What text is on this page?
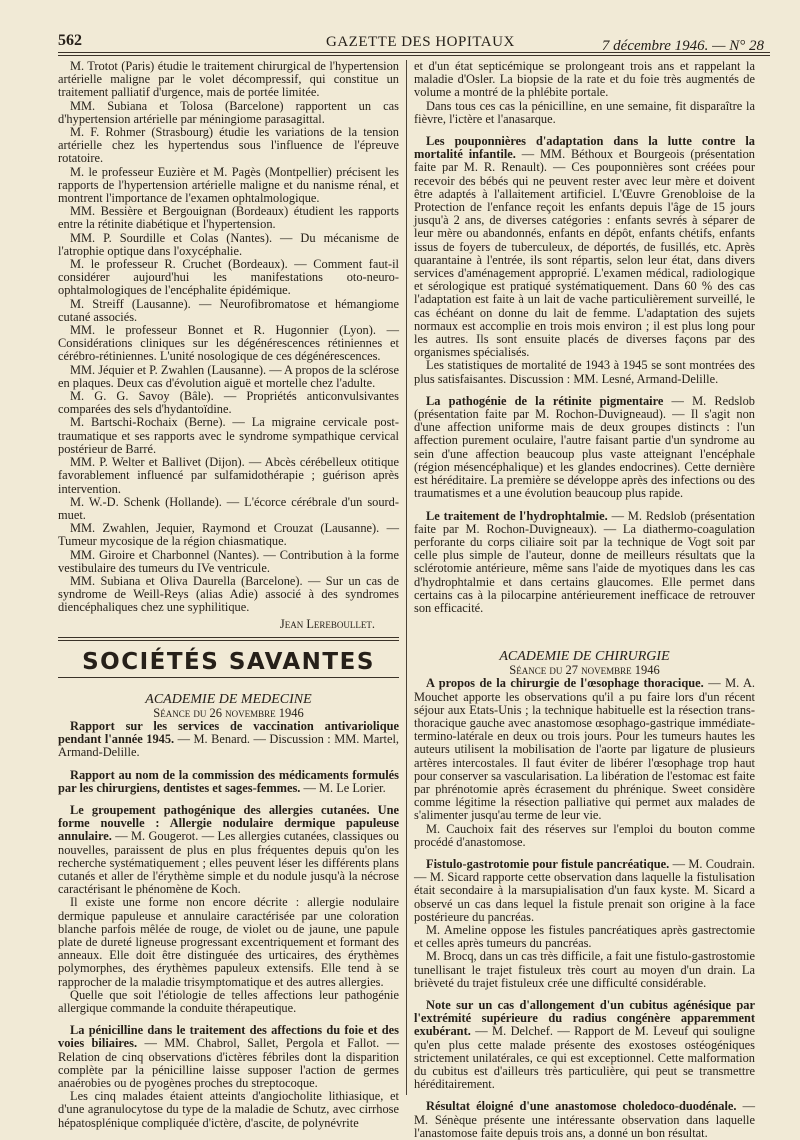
562	GAZETTE DES HOPITAUX	7 décembre 1946. — N° 28

M. Trotot (Paris) étudie le traitement chirurgical de l'hypertension artérielle maligne par le volet décompressif, qui constitue un traitement palliatif d'urgence, mais de portée limitée.

MM. Subiana et Tolosa (Barcelone) rapportent un cas d'hypertension artérielle par méningiome parasagittal.

M. F. Rohmer (Strasbourg) étudie les variations de la tension artérielle chez les hypertendus sous l'influence de l'épreuve rotatoire.

M. le professeur Euzière et M. Pagès (Montpellier) précisent les rapports de l'hypertension artérielle maligne et du nanisme rénal, et montrent l'importance de l'examen ophtalmologique.

MM. Bessière et Bergouignan (Bordeaux) étudient les rapports entre la rétinite diabétique et l'hypertension.

MM. P. Sourdille et Colas (Nantes). — Du mécanisme de l'atrophie optique dans l'oxycéphalie.

M. le professeur R. Cruchet (Bordeaux). — Comment faut-il considérer aujourd'hui les manifestations oto-neuro-ophtalmologiques de l'encéphalite épidémique.

M. Streiff (Lausanne). — Neurofibromatose et hémangiome cutané associés.

MM. le professeur Bonnet et R. Hugonnier (Lyon). — Considérations cliniques sur les dégénérescences rétiniennes et cérébro-rétiniennes. L'unité nosologique de ces dégénérescences.

MM. Jéquier et P. Zwahlen (Lausanne). — A propos de la sclérose en plaques. Deux cas d'évolution aiguë et mortelle chez l'adulte.

M. G. G. Savoy (Bâle). — Propriétés anticonvulsivantes comparées des sels d'hydantoïdine.

M. Bartschi-Rochaix (Berne). — La migraine cervicale post-traumatique et ses rapports avec le syndrome sympathique cervical postérieur de Barré.

MM. P. Welter et Ballivet (Dijon). — Abcès cérébelleux otitique favorablement influencé par sulfamidothérapie ; guérison après intervention.

M. W.-D. Schenk (Hollande). — L'écorce cérébrale d'un sourd-muet.

MM. Zwahlen, Jequier, Raymond et Crouzat (Lausanne). — Tumeur mycosique de la région chiasmatique.

MM. Giroire et Charbonnel (Nantes). — Contribution à la forme vestibulaire des tumeurs du IVe ventricule.

MM. Subiana et Oliva Daurella (Barcelone). — Sur un cas de syndrome de Weill-Reys (alias Adie) associé à des syndromes diencéphaliques chez une syphilitique.

Jean Lereboullet.

SOCIÉTÉS SAVANTES

ACADEMIE DE MEDECINE

Séance du 26 novembre 1946

Rapport sur les services de vaccination antivariolique pendant l'année 1945. — M. Benard. — Discussion : MM. Martel, Armand-Delille.

Rapport au nom de la commission des médicaments formulés par les chirurgiens, dentistes et sages-femmes. — M. Le Lorier.

Le groupement pathogénique des allergies cutanées. Une forme nouvelle : Allergie nodulaire dermique papuleuse annulaire. — M. Gougerot. — Les allergies cutanées, classiques ou nouvelles, paraissent de plus en plus fréquentes depuis qu'on les recherche systématiquement ; elles peuvent léser les différents plans cutanés et aller de l'érythème simple et du nodule jusqu'à la nécrose caractérisant le phénomène de Koch.

Il existe une forme non encore décrite : allergie nodulaire dermique papuleuse et annulaire caractérisée par une coloration blanche parfois mêlée de rouge, de violet ou de jaune, une papule plate de dureté ligneuse progressant excentriquement et formant des anneaux. Elle doit être distinguée des urticaires, des érythèmes polymorphes, des érythèmes papuleux extensifs. Elle tend à se rapprocher de la maladie trisymptomatique et des autres allergies.

Quelle que soit l'étiologie de telles affections leur pathogénie allergique commande la conduite thérapeutique.

La pénicilline dans le traitement des affections du foie et des voies biliaires. — MM. Chabrol, Sallet, Pergola et Fallot. — Relation de cinq observations d'ictères fébriles dont la disparition complète par la pénicilline laisse supposer l'action de germes anaérobies ou de pyogènes proches du streptocoque.

Les cinq malades étaient atteints d'angiocholite lithiasique, et d'une agranulocytose du type de la maladie de Schutz, avec cirrhose hépatosplénique compliquée d'ictère, d'ascite, de polynévrite

et d'un état septicémique se prolongeant trois ans et rappelant la maladie d'Osler. La biopsie de la rate et du foie très augmentés de volume a montré de la phlébite portale.

Dans tous ces cas la pénicilline, en une semaine, fit disparaître la fièvre, l'ictère et l'anasarque.

Les pouponnières d'adaptation dans la lutte contre la mortalité infantile. — MM. Béthoux et Bourgeois (présentation faite par M. R. Renault). — Ces pouponnières sont créées pour recevoir des bébés qui ne peuvent rester avec leur mère et doivent être adaptés à l'allaitement artificiel. L'Œuvre Grenobloise de la Protection de l'enfance reçoit les enfants depuis l'âge de 15 jours jusqu'à 2 ans, de diverses catégories : enfants sevrés à séparer de leur mère ou abandonnés, enfants en dépôt, enfants chétifs, enfants issus de foyers de tuberculeux, de déportés, de fusillés, etc. Après quarantaine à l'entrée, ils sont répartis, selon leur état, dans divers services d'aménagement approprié. L'examen médical, radiologique et sérologique est pratiqué systématiquement. Dans 60 % des cas l'adaptation est faite à un lait de vache particulièrement surveillé, le cas échéant on donne du lait de femme. L'adaptation des sujets normaux est accomplie en trois mois environ ; il est plus long pour les autres. Ils sont ensuite placés de diverses façons par des organismes spécialisés.

Les statistiques de mortalité de 1943 à 1945 se sont montrées des plus satisfaisantes. Discussion : MM. Lesné, Armand-Delille.

La pathogénie de la rétinite pigmentaire — M. Redslob (présentation faite par M. Rochon-Duvigneaud). — Il s'agit non d'une affection uniforme mais de deux groupes distincts : l'un affection purement oculaire, l'autre faisant partie d'un syndrome au sein d'une affection beaucoup plus vaste atteignant l'encéphale (région mésencéphalique) et les glandes endocrines). Cette dernière est héréditaire. La première se développe après des infections ou des traumatismes et a une évolution beaucoup plus rapide.

Le traitement de l'hydrophtalmie. — M. Redslob (présentation faite par M. Rochon-Duvigneaux). — La diathermo-coagulation perforante du corps ciliaire soit par la technique de Vogt soit par celle plus simple de l'auteur, donne de meilleurs résultats que la sclérotomie antérieure, même sans l'aide de myotiques dans les cas d'hydrophtalmie et dans certains glaucomes. Elle permet dans certains cas à la pilocarpine antérieurement inefficace de retrouver son efficacité.

ACADEMIE DE CHIRURGIE

Séance du 27 novembre 1946

A propos de la chirurgie de l'œsophage thoracique. — M. A. Mouchet apporte les observations qu'il a pu faire lors d'un récent séjour aux Etats-Unis ; la technique habituelle est la résection trans-thoracique gauche avec anastomose œsophago-gastrique immédiate-termino-latérale en deux ou trois jours. Pour les tumeurs hautes les auteurs utilisent la mobilisation de l'aorte par ligature de plusieurs artères intercostales. Il faut éviter de libérer l'œsophage trop haut pour conserver sa vascularisation. La libération de l'estomac est faite par phrénotomie après écrasement du phrénique. Sweet considère comme légitime la résection palliative qui permet aux malades de s'alimenter jusqu'au terme de leur vie.

M. Cauchoix fait des réserves sur l'emploi du bouton comme procédé d'anastomose.

Fistulo-gastrotomie pour fistule pancréatique. — M. Coudrain. — M. Sicard rapporte cette observation dans laquelle la fistulisation était secondaire à la marsupialisation d'un faux kyste. M. Sicard a observé un cas dans lequel la fistule prenait son origine à la face postérieure du pancréas.

M. Ameline oppose les fistules pancréatiques après gastrectomie et celles après tumeurs du pancréas.

M. Brocq, dans un cas très difficile, a fait une fistulo-gastrostomie tunellisant le trajet fistuleux très court au moyen d'un drain. La brièveté du trajet fistuleux crée une difficulté considérable.

Note sur un cas d'allongement d'un cubitus agénésique par l'extrémité supérieure du radius congénère apparemment exubérant. — M. Delchef. — Rapport de M. Leveuf qui souligne qu'en plus cette malade présente des exostoses ostéogéniques strictement unilatérales, ce qui est exceptionnel. Cette malformation du cubitus est d'ailleurs très particulière, qui peut se transmettre héréditairement.

Résultat éloigné d'une anastomose choledoco-duodénale. — M. Sénèque présente une intéressante observation dans laquelle l'anastomose faite depuis trois ans, a donné un bon résultat.
